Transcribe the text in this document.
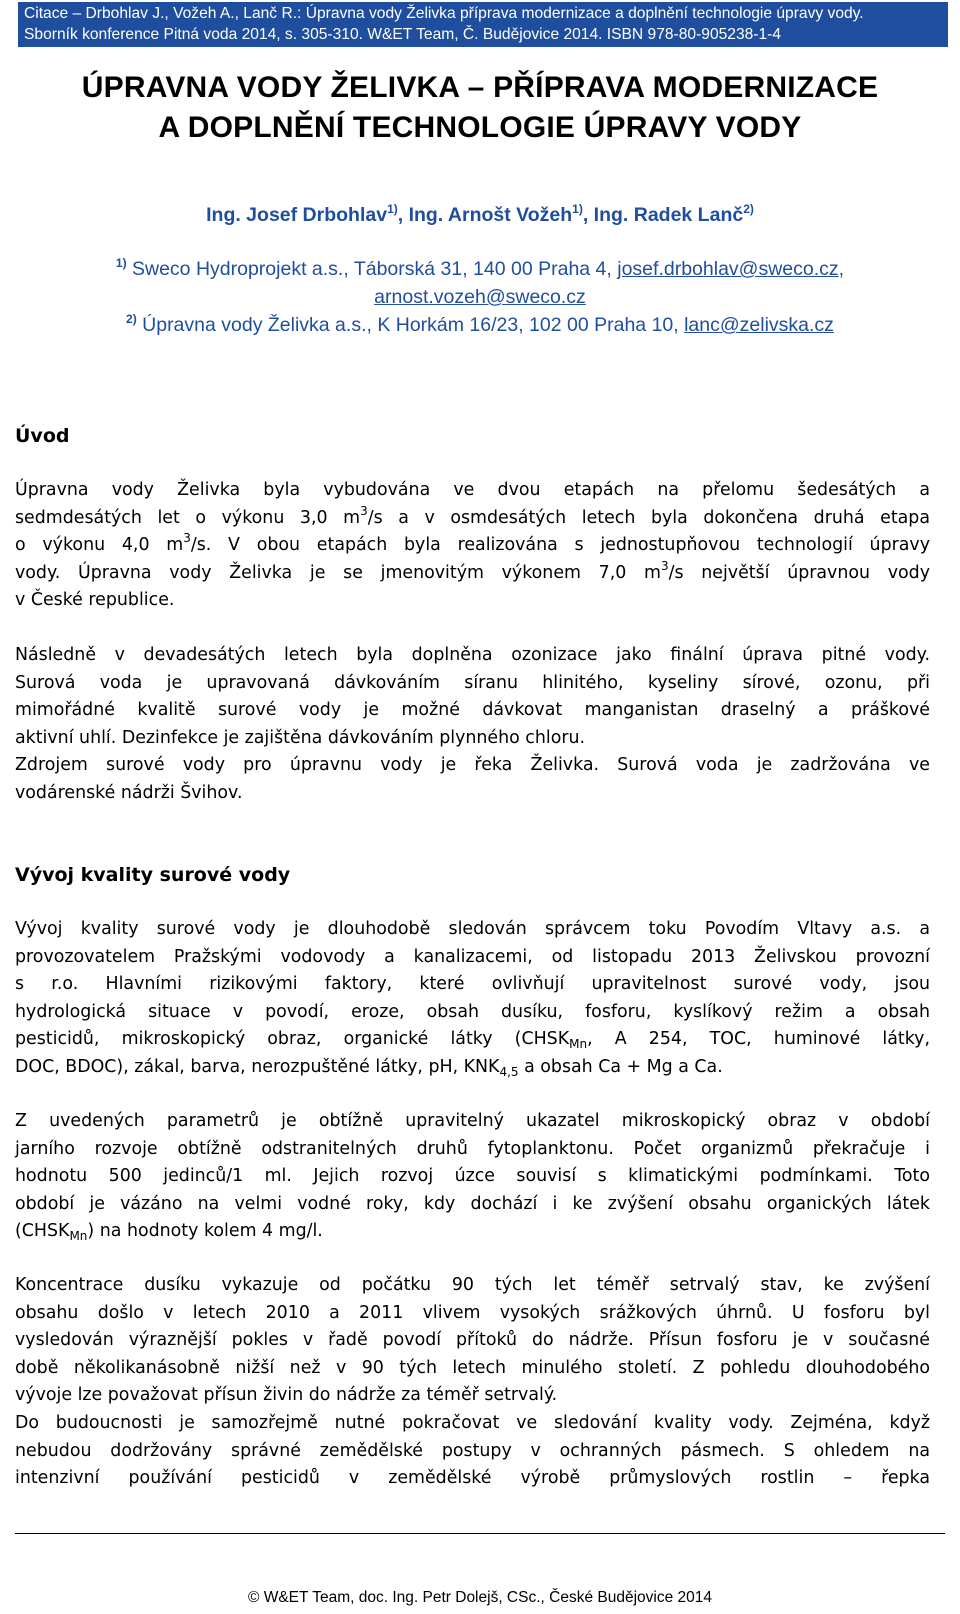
Citace – Drbohlav J., Vožeh A., Lanč R.: Úpravna vody Želivka příprava modernizace a doplnění technologie úpravy vody.
Sborník konference Pitná voda 2014, s. 305-310. W&ET Team, Č. Budějovice 2014. ISBN 978-80-905238-1-4
ÚPRAVNA VODY ŽELIVKA – PŘÍPRAVA MODERNIZACE
A DOPLNĚNÍ TECHNOLOGIE ÚPRAVY VODY
Ing. Josef Drbohlav$^{1)}$, Ing. Arnošt Vožeh$^{1)}$, Ing. Radek Lanč$^{2)}$
$^{1)}$ Sweco Hydroprojekt a.s., Táborská 31, 140 00 Praha 4, josef.drbohlav@sweco.cz,
arnost.vozeh@sweco.cz
$^{2)}$ Úpravna vody Želivka a.s., K Horkám 16/23, 102 00 Praha 10, lanc@zelivska.cz
Úvod
Úpravna vody Želivka byla vybudována ve dvou etapách na přelomu šedesátých a
sedmdesátých let o výkonu 3,0 $m^3/s$ a v osmdesátých letech byla dokončena druhá etapa
o výkonu 4,0 $m^3/s$. V obou etapách byla realizována s jednostupňovou technologií úpravy
vody. Úpravna vody Želivka je se jmenovitým výkonem 7,0 $m^3/s$ největší úpravnou vody
v České republice.
Následně v devadesátých letech byla doplněna ozonizace jako finální úprava pitné vody.
Surová voda je upravovaná dávkováním síranu hlinitého, kyseliny sírové, ozonu, při
mimořádné kvalitě surové vody je možné dávkovat manganistan draselný a práškové
aktivní uhlí. Dezinfekce je zajištěna dávkováním plynného chloru.
Zdrojem surové vody pro úpravnu vody je řeka Želivka. Surová voda je zadržována ve
vodárenské nádrži Švihov.
Vývoj kvality surové vody
Vývoj kvality surové vody je dlouhodobě sledován správcem toku Povodím Vltavy a.s. a
provozovatelem Pražskými vodovody a kanalizacemi, od listopadu 2013 Želivskou provozní
s r.o. Hlavními rizikovými faktory, které ovlivňují upravitelnost surové vody, jsou
hydrologická situace v povodí, eroze, obsah dusíku, fosforu, kyslíkový režim a obsah
pesticidů, mikroskopický obraz, organické látky ($CHSK_{Mn}$, A 254, TOC, huminové látky,
DOC, BDOC), zákal, barva, nerozpuštěné látky, pH, $KNK_{4,5}$ a obsah Ca + Mg a Ca.
Z uvedených parametrů je obtížně upravitelný ukazatel mikroskopický obraz v období
jarního rozvoje obtížně odstranitelných druhů fytoplanktonu. Počet organizmů překračuje i
hodnotu 500 jedinců/1 ml. Jejich rozvoj úzce souvisí s klimatickými podmínkami. Toto
období je vázáno na velmi vodné roky, kdy dochází i ke zvýšení obsahu organických látek
$(CHSK_{Mn})$ na hodnoty kolem 4 mg/l.
Koncentrace dusíku vykazuje od počátku 90 tých let téměř setrvalý stav, ke zvýšení
obsahu došlo v letech 2010 a 2011 vlivem vysokých srážkových úhrnů. U fosforu byl
vysledován výraznější pokles v řadě povodí přítoků do nádrže. Přísun fosforu je v současné
době několikanásobně nižší než v 90 tých letech minulého století. Z pohledu dlouhodobého
vývoje lze považovat přísun živin do nádrže za téměř setrvalý.
Do budoucnosti je samozřejmě nutné pokračovat ve sledování kvality vody. Zejména, když
nebudou dodržovány správné zemědělské postupy v ochranných pásmech. S ohledem na
intenzivní používání pesticidů v zemědělské výrobě průmyslových rostlin – řepka
© W&ET Team, doc. Ing. Petr Dolejš, CSc., České Budějovice 2014
